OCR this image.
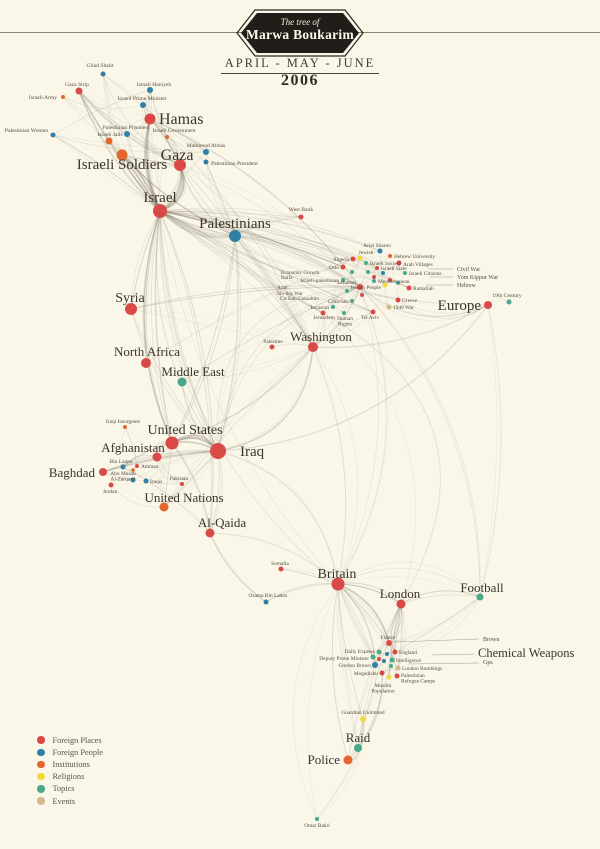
Israel
Gaza
Hamas
Israeli Soldiers
Palestinians
Syria
North Africa
Middle East
Washington
Europe
19th Century
United States
Iraq
Afghanistan
Baghdad
United Nations
Al-Qaida
Britain
London	Football
Raid
Police
Gilad Shalit
Gaza Strip
Israeli Army
Ismail Haniyeh
Israeli Prime Minister
Palestinian Women	Palestinian Prisoners
Israeli Jails
Israeli Government
Mahmoud Abbas
Palestinian President
West Bank
Ariel Sharon
Jewish
Algeria	Hebrew University
Israeli Society Arab Villages
Oslo	Israeli State
Israeli Citizens
Israeli-palestinian
Lebanon	Mediterranean
Jewish People	Ramallah
Greece
1948 War
Criticism
Invasion
Jerusalem Human Rights
Tel Aviv
Palestine
Iraqi Insurgents
Bin Laden
Amman
Abu Musab Al-Zarqawi	Iraqis Pakistan
Jordan
Somalia
Osama Bin Laden
France
Daily Express	England
Deputy Prime Minister	Intelligence
Gordon Brown	London Bombings
Mogadishu	Palestinian Refugee Camps
Muslim Population
Guardian Unlimited
Omar Bakri
Economic Growth
Haifa
Arab
Six-day War
Civilian Casualties
Civil War
Yom Kippur War
Hebrew
Brown
Chemical Weapons
Gps
The tree of
Marwa Boukarim
APRIL - MAY - JUNE
2006
Foreign Places
Foreign People
Institutions
Religions
Topics
Events
